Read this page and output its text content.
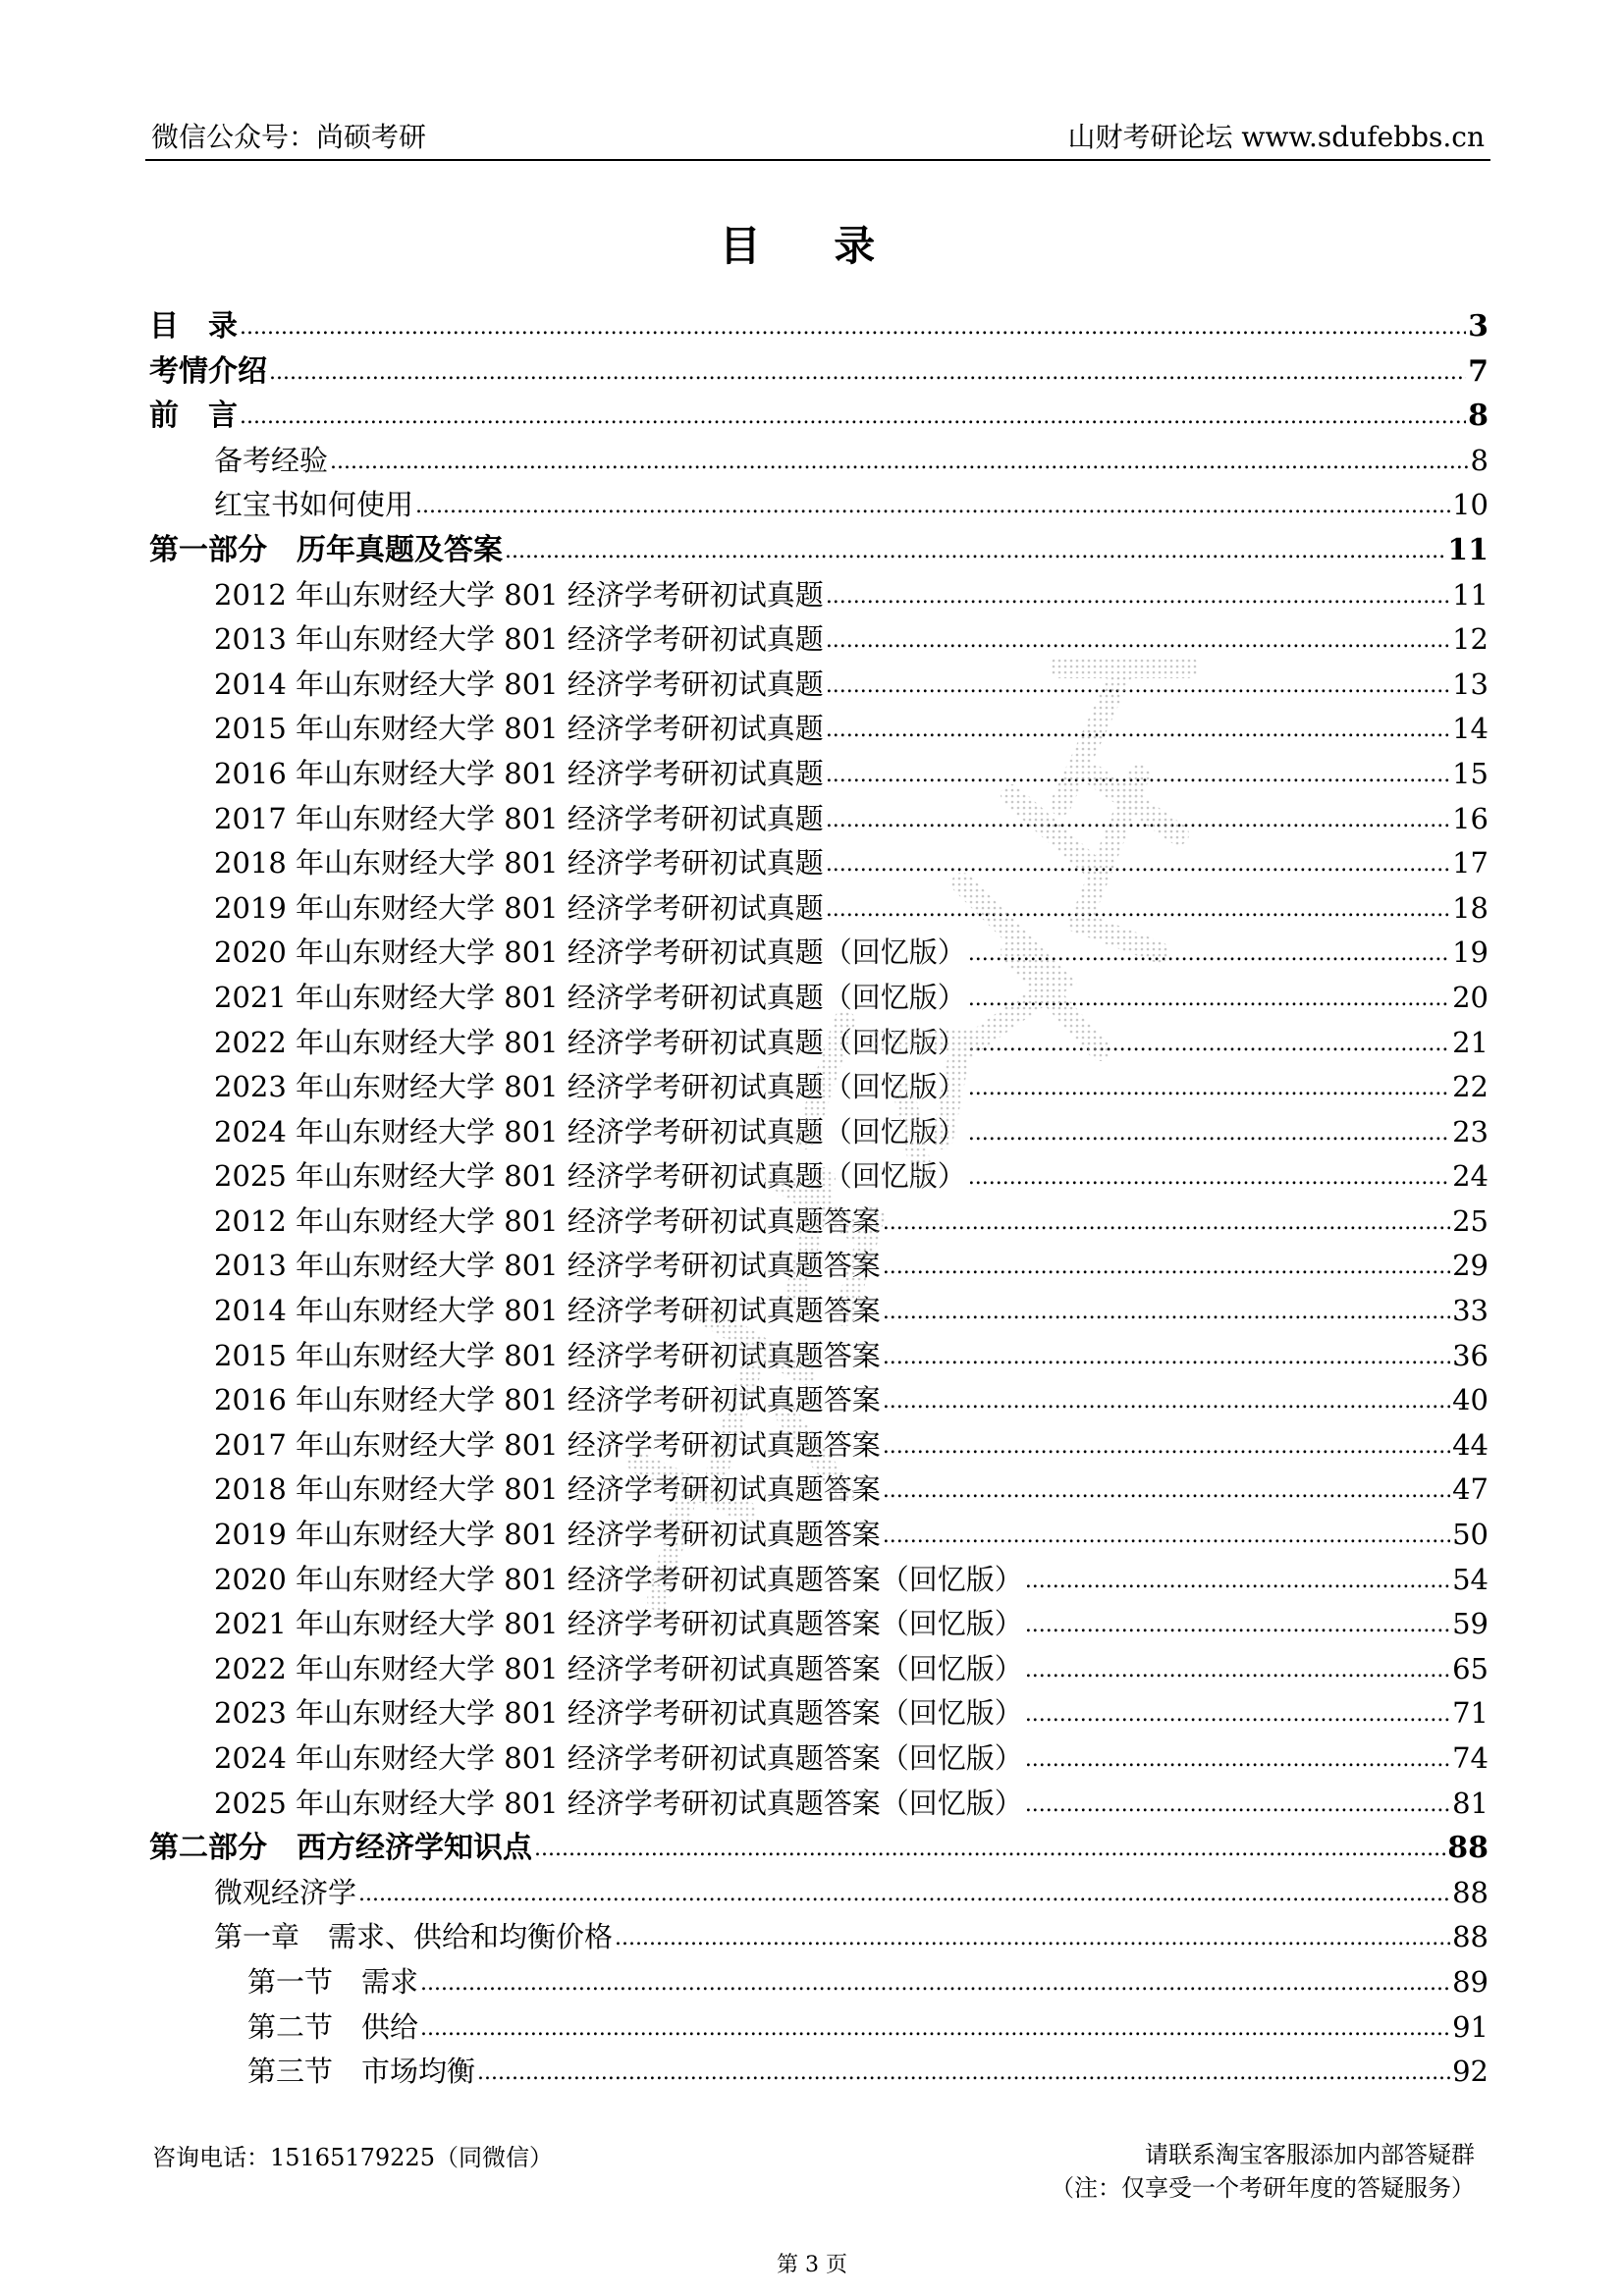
微信公众号：尚硕考研	山财考研论坛 www.sdufebbs.cn
目 录
目　录 .....	3
考情介绍 .....	7
前　言 .....	8
备考经验 .....	8
红宝书如何使用 .....	10
第一部分　历年真题及答案 .....	11
2012 年山东财经大学 801 经济学考研初试真题 .....	11
2013 年山东财经大学 801 经济学考研初试真题 .....	12
2014 年山东财经大学 801 经济学考研初试真题 .....	13
2015 年山东财经大学 801 经济学考研初试真题 .....	14
2016 年山东财经大学 801 经济学考研初试真题 .....	15
2017 年山东财经大学 801 经济学考研初试真题 .....	16
2018 年山东财经大学 801 经济学考研初试真题 .....	17
2019 年山东财经大学 801 经济学考研初试真题 .....	18
2020 年山东财经大学 801 经济学考研初试真题（回忆版） .....	19
2021 年山东财经大学 801 经济学考研初试真题（回忆版） .....	20
2022 年山东财经大学 801 经济学考研初试真题（回忆版） .....	21
2023 年山东财经大学 801 经济学考研初试真题（回忆版） .....	22
2024 年山东财经大学 801 经济学考研初试真题（回忆版） .....	23
2025 年山东财经大学 801 经济学考研初试真题（回忆版） .....	24
2012 年山东财经大学 801 经济学考研初试真题答案 .....	25
2013 年山东财经大学 801 经济学考研初试真题答案 .....	29
2014 年山东财经大学 801 经济学考研初试真题答案 .....	33
2015 年山东财经大学 801 经济学考研初试真题答案 .....	36
2016 年山东财经大学 801 经济学考研初试真题答案 .....	40
2017 年山东财经大学 801 经济学考研初试真题答案 .....	44
2018 年山东财经大学 801 经济学考研初试真题答案 .....	47
2019 年山东财经大学 801 经济学考研初试真题答案 .....	50
2020 年山东财经大学 801 经济学考研初试真题答案（回忆版） .....	54
2021 年山东财经大学 801 经济学考研初试真题答案（回忆版） .....	59
2022 年山东财经大学 801 经济学考研初试真题答案（回忆版） .....	65
2023 年山东财经大学 801 经济学考研初试真题答案（回忆版） .....	71
2024 年山东财经大学 801 经济学考研初试真题答案（回忆版） .....	74
2025 年山东财经大学 801 经济学考研初试真题答案（回忆版） .....	81
第二部分　西方经济学知识点 .....	88
微观经济学 .....	88
第一章　需求、供给和均衡价格 .....	88
第一节　需求 .....	89
第二节　供给 .....	91
第三节　市场均衡 .....	92
咨询电话：15165179225（同微信）	请联系淘宝客服添加内部答疑群
（注：仅享受一个考研年度的答疑服务）
第 3 页
